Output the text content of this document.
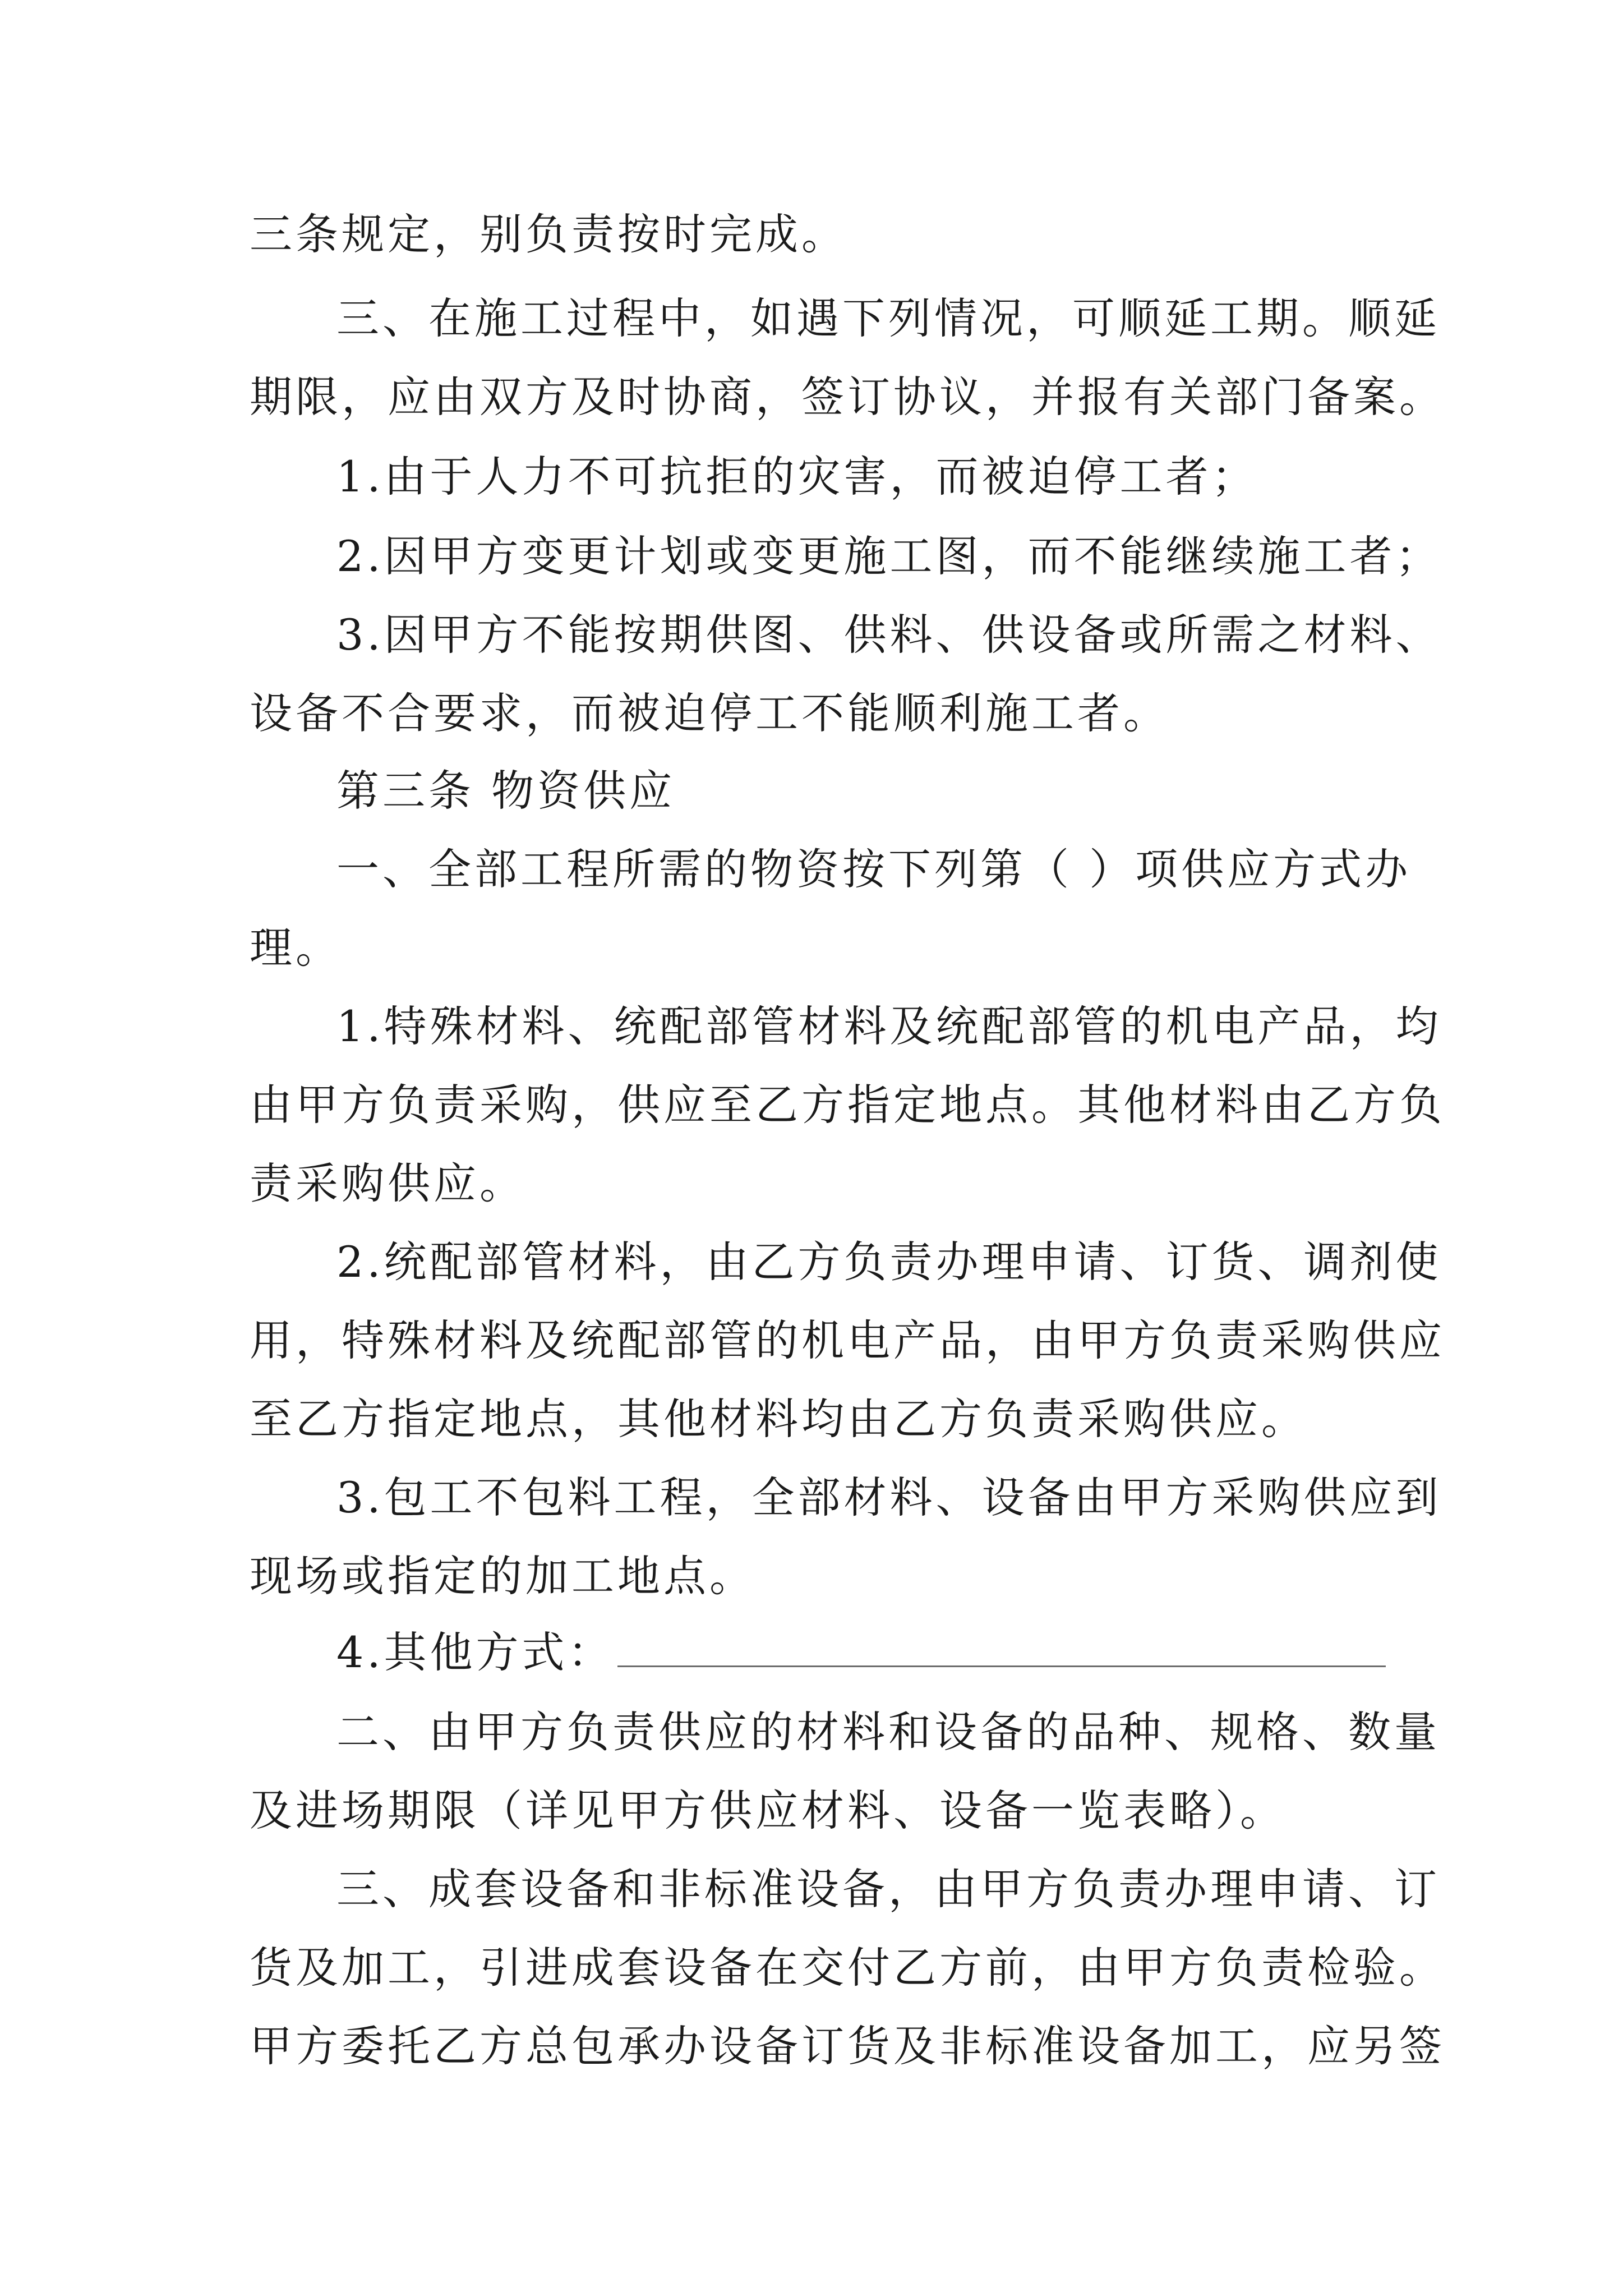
三条规定，别负责按时完成。

三、在施工过程中，如遇下列情况，可顺延工期。顺延

期限，应由双方及时协商，签订协议，并报有关部门备案。

1.由于人力不可抗拒的灾害，而被迫停工者；

2.因甲方变更计划或变更施工图，而不能继续施工者；

3.因甲方不能按期供图、供料、供设备或所需之材料、

设备不合要求，而被迫停工不能顺利施工者。

第三条 物资供应

一、全部工程所需的物资按下列第（ ）项供应方式办

理。

1.特殊材料、统配部管材料及统配部管的机电产品，均

由甲方负责采购，供应至乙方指定地点。其他材料由乙方负

责采购供应。

2.统配部管材料，由乙方负责办理申请、订货、调剂使

用，特殊材料及统配部管的机电产品，由甲方负责采购供应

至乙方指定地点，其他材料均由乙方负责采购供应。

3.包工不包料工程，全部材料、设备由甲方采购供应到

现场或指定的加工地点。

4.其他方式：

二、由甲方负责供应的材料和设备的品种、规格、数量

及进场期限（详见甲方供应材料、设备一览表略）。

三、成套设备和非标准设备，由甲方负责办理申请、订

货及加工，引进成套设备在交付乙方前，由甲方负责检验。

甲方委托乙方总包承办设备订货及非标准设备加工，应另签
